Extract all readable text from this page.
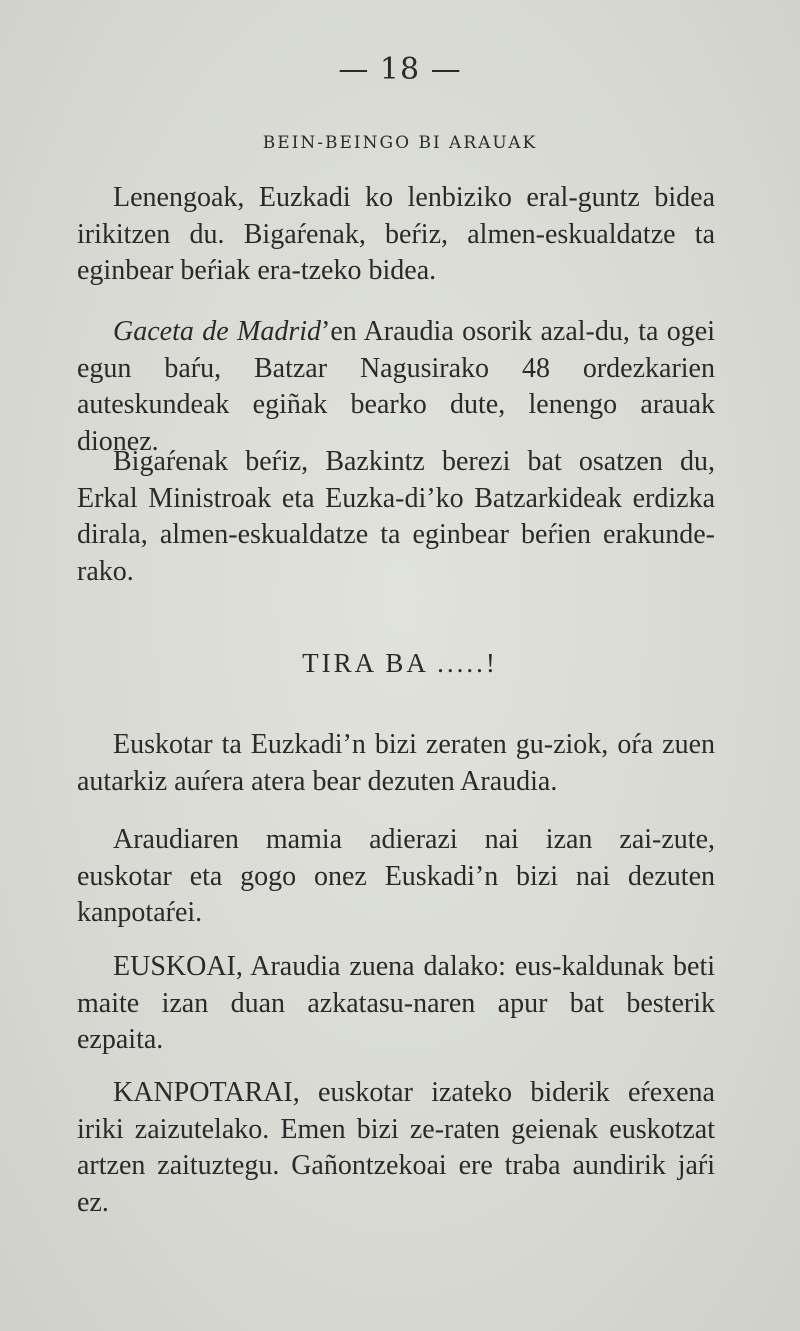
— 18 —
BEIN-BEINGO BI ARAUAK

Lenengoak, Euzkadi ko lenbiziko eral-guntz bidea irikitzen du. Bigaŕenak, beŕiz, almen-eskualdatze ta eginbear beŕiak era-tzeko bidea.

Gaceta de Madrid’en Araudia osorik azal-du, ta ogei egun baŕu, Batzar Nagusirako 48 ordezkarien auteskundeak egiñak bearko dute, lenengo arauak dionez.

Bigaŕenak beŕiz, Bazkintz berezi bat osatzen du, Erkal Ministroak eta Euzka-di’ko Batzarkideak erdizka dirala, almen-eskualdatze ta eginbear beŕien erakunde-rako.

TIRA BA .....!

Euskotar ta Euzkadi’n bizi zeraten gu-ziok, oŕa zuen autarkiz auŕera atera bear dezuten Araudia.

Araudiaren mamia adierazi nai izan zai-zute, euskotar eta gogo onez Euskadi’n bizi nai dezuten kanpotaŕei.

EUSKOAI, Araudia zuena dalako: eus-kaldunak beti maite izan duan azkatasu-naren apur bat besterik ezpaita.

KANPOTARAI, euskotar izateko biderik eŕexena iriki zaizutelako. Emen bizi ze-raten geienak euskotzat artzen zaituztegu. Gañontzekoai ere traba aundirik jaŕi ez.
